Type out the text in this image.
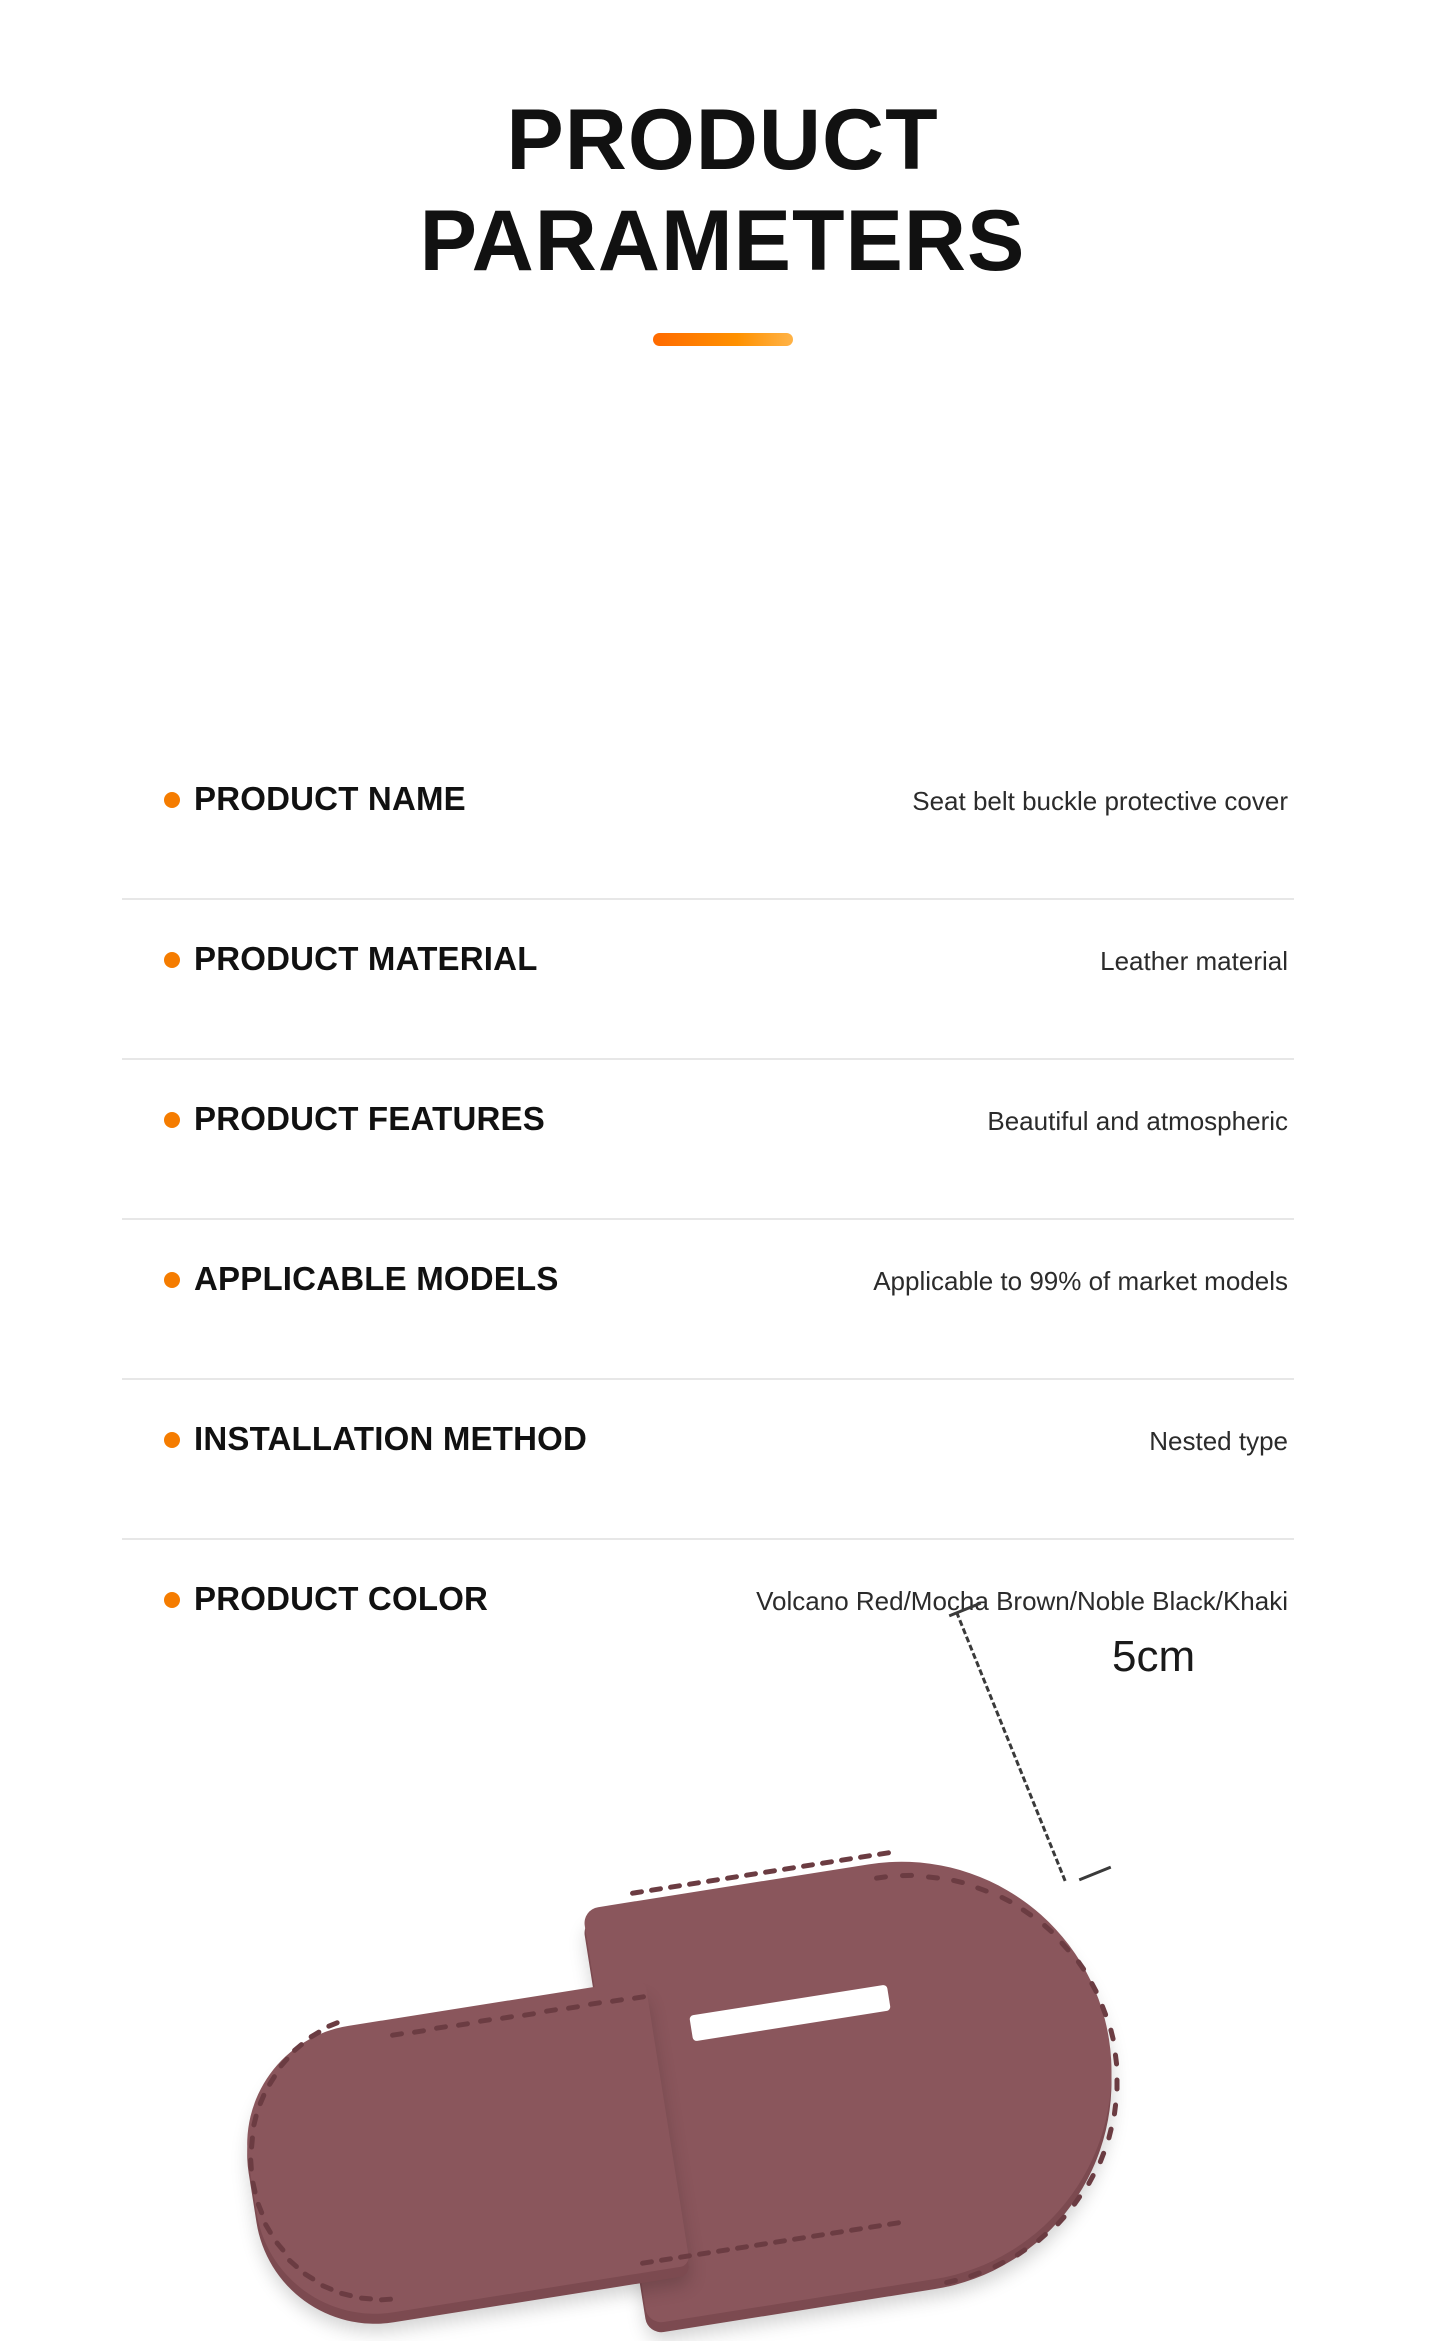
PRODUCT
PARAMETERS
PRODUCT NAME	Seat belt buckle protective cover
PRODUCT MATERIAL	Leather material
PRODUCT FEATURES	Beautiful and atmospheric
APPLICABLE MODELS	Applicable to 99% of market models
INSTALLATION METHOD	Nested type
PRODUCT COLOR	Volcano Red/Mocha Brown/Noble Black/Khaki
5cm
